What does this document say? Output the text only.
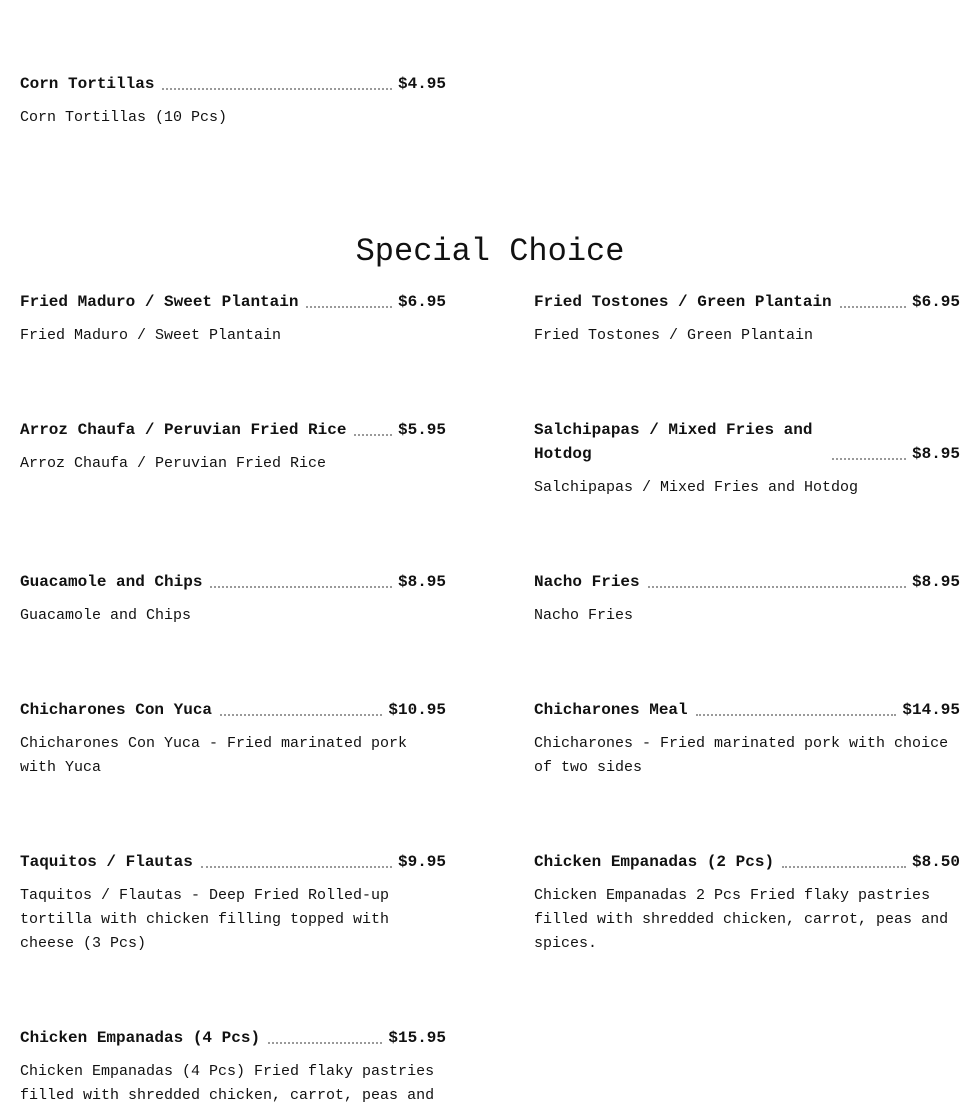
Corn Tortillas	$4.95
Corn Tortillas (10 Pcs)
Special Choice
Fried Maduro / Sweet Plantain	$6.95
Fried Maduro / Sweet Plantain
Fried Tostones / Green Plantain	$6.95
Fried Tostones / Green Plantain
Arroz Chaufa / Peruvian Fried Rice	$5.95
Arroz Chaufa / Peruvian Fried Rice
Salchipapas / Mixed Fries and Hotdog	$8.95
Salchipapas / Mixed Fries and Hotdog
Guacamole and Chips	$8.95
Guacamole and Chips
Nacho Fries	$8.95
Nacho Fries
Chicharones Con Yuca	$10.95
Chicharones Con Yuca - Fried marinated pork with Yuca
Chicharones Meal	$14.95
Chicharones - Fried marinated pork with choice of two sides
Taquitos / Flautas	$9.95
Taquitos / Flautas - Deep Fried Rolled-up tortilla with chicken filling topped with cheese (3 Pcs)
Chicken Empanadas (2 Pcs)	$8.50
Chicken Empanadas 2 Pcs Fried flaky pastries filled with shredded chicken, carrot, peas and spices.
Chicken Empanadas (4 Pcs)	$15.95
Chicken Empanadas (4 Pcs) Fried flaky pastries filled with shredded chicken, carrot, peas and
